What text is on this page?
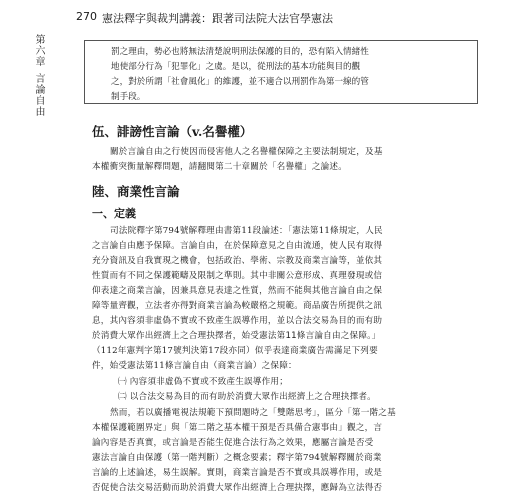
270 憲法釋字與裁判講義：跟著司法院大法官學憲法
第六章
言論自由

罰之理由，勢必也將無法清楚說明刑法保護的目的，恐有陷入情緒性

地使部分行為「犯罪化」之虞。是以，從刑法的基本功能與目的觀

之，對於所謂「社會風化」的維護，並不適合以刑罰作為第一線的管

制手段。

伍、誹謗性言論（v.名譽權）
關於言論自由之行使因而侵害他人之名譽權保障之主要法制規定，及基
本權衝突衡量解釋問題，請翻閱第二十章關於「名譽權」之論述。
陸、商業性言論
一、定義
司法院釋字第794號解釋理由書第11段論述：「憲法第11條規定，人民
之言論自由應予保障。言論自由，在於保障意見之自由流通，使人民有取得
充分資訊及自我實現之機會，包括政治、學術、宗教及商業言論等，並依其
性質而有不同之保護範疇及限制之準則。其中非關公意形成、真理發現或信
仰表達之商業言論，因兼具意見表達之性質，然而不能與其他言論自由之保
障等量齊觀，立法者亦得對商業言論為較嚴格之規範。商品廣告所提供之訊
息，其內容須非虛偽不實或不致產生誤導作用，並以合法交易為目的而有助
於消費大眾作出經濟上之合理抉擇者，始受憲法第11條言論自由之保障。」
（112年憲判字第17號判決第17段亦同）似乎表達商業廣告需滿足下列要
件，始受憲法第11條言論自由（商業言論）之保障：
㈠ 內容須非虛偽不實或不致產生誤導作用；
㈡ 以合法交易為目的而有助於消費大眾作出經濟上之合理抉擇者。
然而，若以廣播電視法規範下預問題時之「雙階思考」，區分「第一階之基
本權保護範圍界定」與「第二階之基本權干預是否具備合憲事由」觀之，言
論內容是否真實，或言論是否能生促進合法行為之效果，應屬言論是否受
憲法言論自由保護（第一階判斷）之概念要素；釋字第794號解釋關於商業
言論的上述論述，易生誤解。實則，商業言論是否不實或具誤導作用，或是
否促使合法交易活動而助於消費大眾作出經濟上合理抉擇，應歸為立法得否
